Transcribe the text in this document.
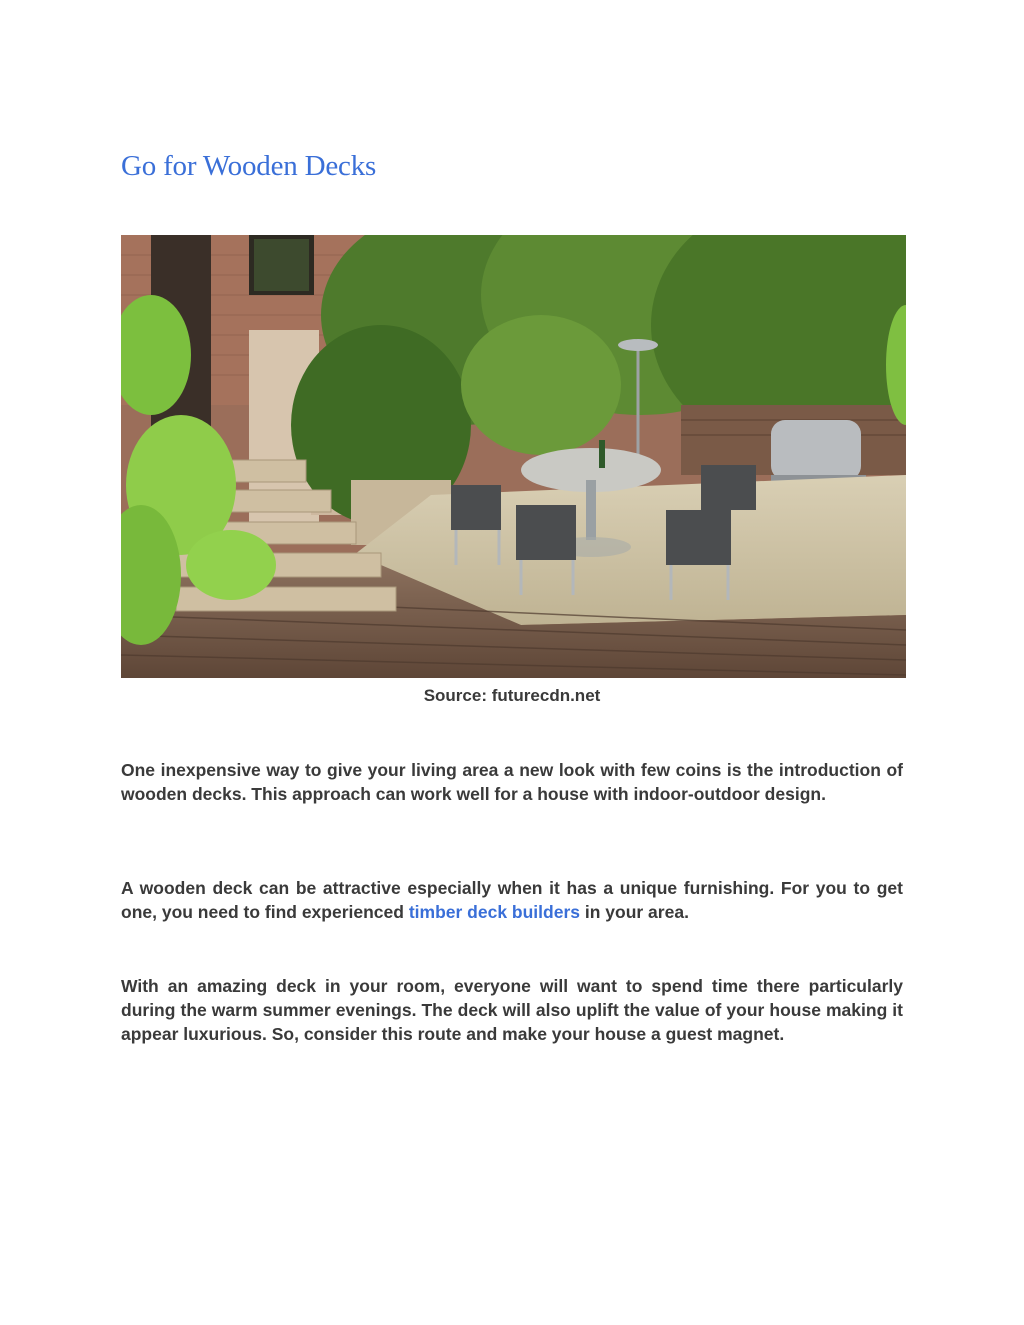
Go for Wooden Decks
Source: futurecdn.net

One inexpensive way to give your living area a new look with few coins is the introduction of wooden decks. This approach can work well for a house with indoor-outdoor design.

A wooden deck can be attractive especially when it has a unique furnishing. For you to get one, you need to find experienced timber deck builders in your area.

With an amazing deck in your room, everyone will want to spend time there particularly during the warm summer evenings. The deck will also uplift the value of your house making it appear luxurious. So, consider this route and make your house a guest magnet.
